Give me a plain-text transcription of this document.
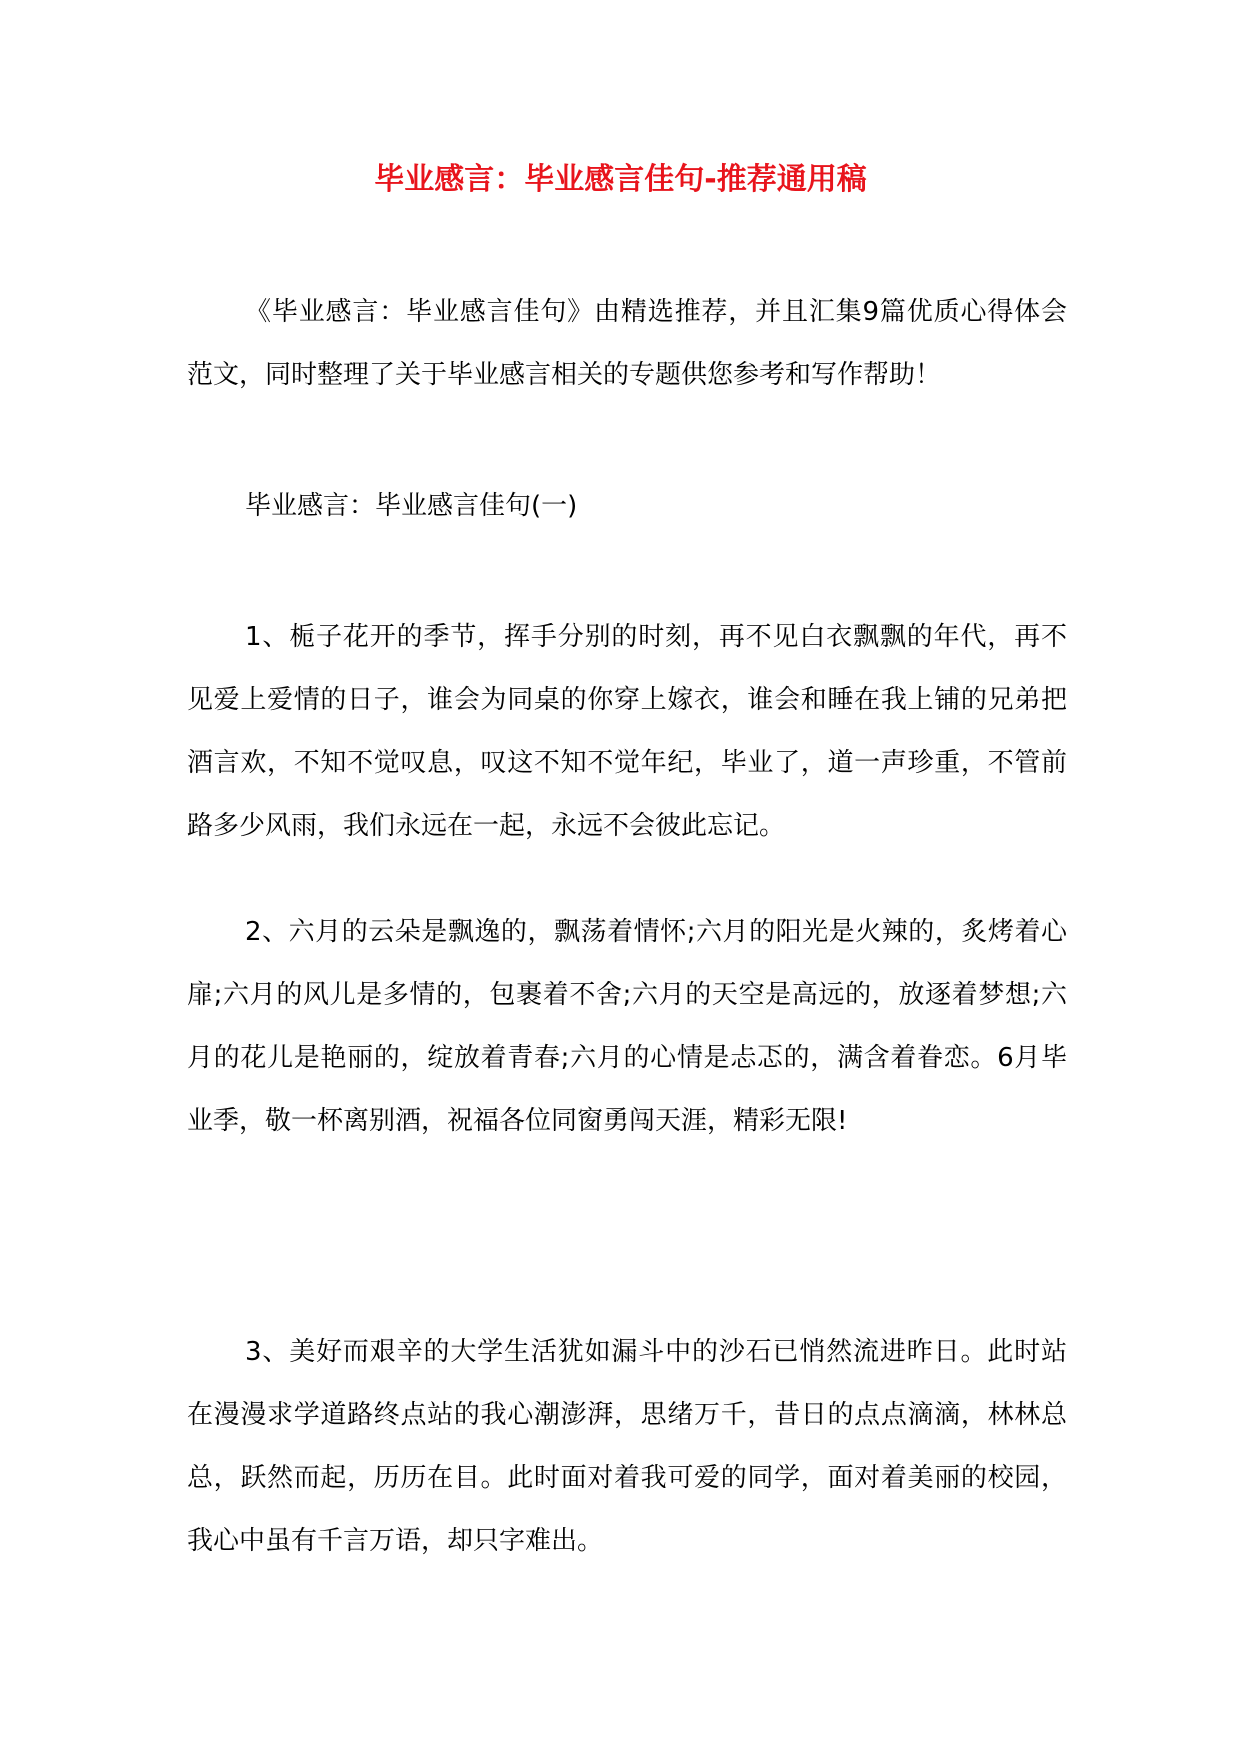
毕业感言：毕业感言佳句-推荐通用稿

《毕业感言：毕业感言佳句》由精选推荐，并且汇集9篇优质心得体会范文，同时整理了关于毕业感言相关的专题供您参考和写作帮助！

毕业感言：毕业感言佳句(一)

1、栀子花开的季节，挥手分别的时刻，再不见白衣飘飘的年代，再不见爱上爱情的日子，谁会为同桌的你穿上嫁衣，谁会和睡在我上铺的兄弟把酒言欢，不知不觉叹息，叹这不知不觉年纪，毕业了，道一声珍重，不管前路多少风雨，我们永远在一起，永远不会彼此忘记。

2、六月的云朵是飘逸的，飘荡着情怀;六月的阳光是火辣的，炙烤着心扉;六月的风儿是多情的，包裹着不舍;六月的天空是高远的，放逐着梦想;六月的花儿是艳丽的，绽放着青春;六月的心情是忐忑的，满含着眷恋。6月毕业季，敬一杯离别酒，祝福各位同窗勇闯天涯，精彩无限!

3、美好而艰辛的大学生活犹如漏斗中的沙石已悄然流进昨日。此时站在漫漫求学道路终点站的我心潮澎湃，思绪万千，昔日的点点滴滴，林林总总，跃然而起，历历在目。此时面对着我可爱的同学，面对着美丽的校园，我心中虽有千言万语，却只字难出。
